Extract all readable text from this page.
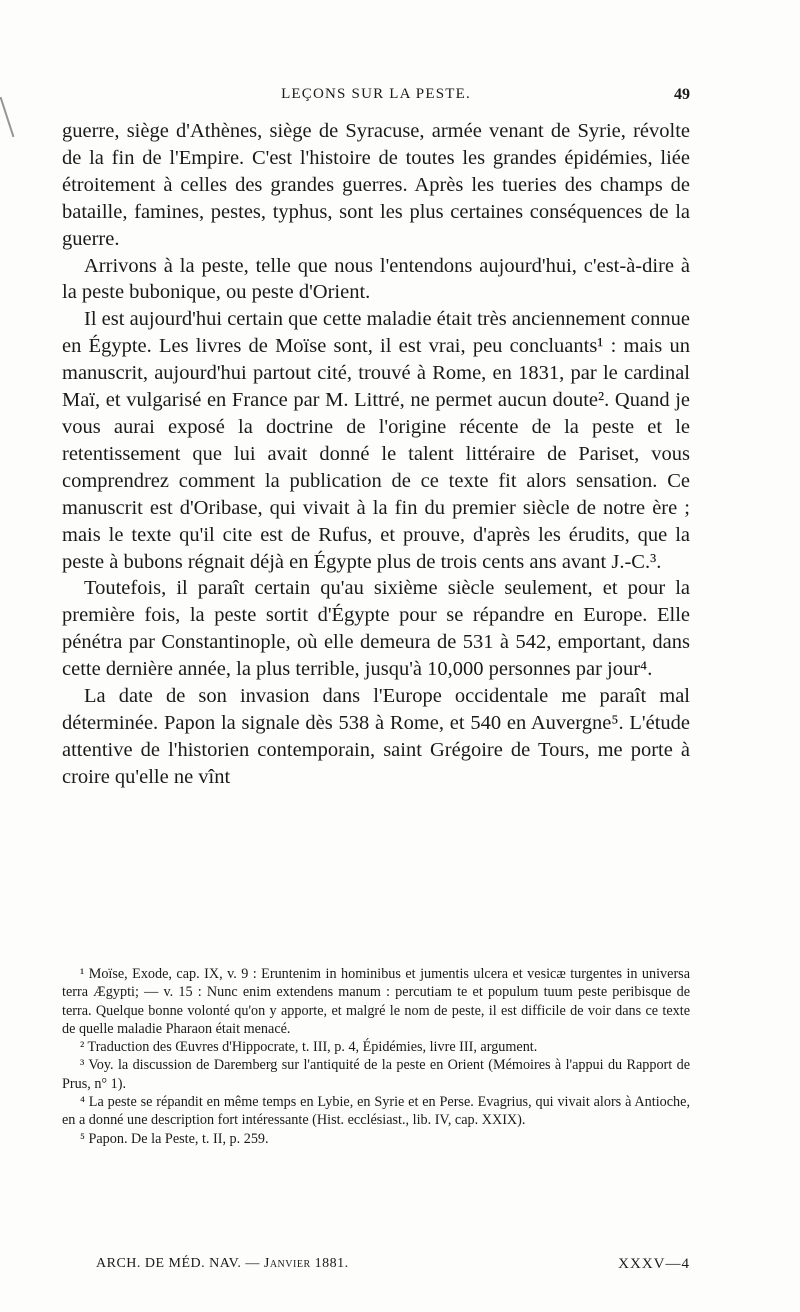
LEÇONS SUR LA PESTE.	49

guerre, siège d'Athènes, siège de Syracuse, armée venant de Syrie, révolte de la fin de l'Empire. C'est l'histoire de toutes les grandes épidémies, liée étroitement à celles des grandes guerres. Après les tueries des champs de bataille, famines, pestes, typhus, sont les plus certaines conséquences de la guerre.

Arrivons à la peste, telle que nous l'entendons aujourd'hui, c'est-à-dire à la peste bubonique, ou peste d'Orient.

Il est aujourd'hui certain que cette maladie était très anciennement connue en Égypte. Les livres de Moïse sont, il est vrai, peu concluants¹ : mais un manuscrit, aujourd'hui partout cité, trouvé à Rome, en 1831, par le cardinal Maï, et vulgarisé en France par M. Littré, ne permet aucun doute². Quand je vous aurai exposé la doctrine de l'origine récente de la peste et le retentissement que lui avait donné le talent littéraire de Pariset, vous comprendrez comment la publication de ce texte fit alors sensation. Ce manuscrit est d'Oribase, qui vivait à la fin du premier siècle de notre ère ; mais le texte qu'il cite est de Rufus, et prouve, d'après les érudits, que la peste à bubons régnait déjà en Égypte plus de trois cents ans avant J.-C.³.

Toutefois, il paraît certain qu'au sixième siècle seulement, et pour la première fois, la peste sortit d'Égypte pour se répandre en Europe. Elle pénétra par Constantinople, où elle demeura de 531 à 542, emportant, dans cette dernière année, la plus terrible, jusqu'à 10,000 personnes par jour⁴.

La date de son invasion dans l'Europe occidentale me paraît mal déterminée. Papon la signale dès 538 à Rome, et 540 en Auvergne⁵. L'étude attentive de l'historien contemporain, saint Grégoire de Tours, me porte à croire qu'elle ne vînt

¹ Moïse, Exode, cap. IX, v. 9 : Eruntenim in hominibus et jumentis ulcera et vesicæ turgentes in universa terra Ægypti; — v. 15 : Nunc enim extendens manum : percutiam te et populum tuum peste peribisque de terra. Quelque bonne volonté qu'on y apporte, et malgré le nom de peste, il est difficile de voir dans ce texte de quelle maladie Pharaon était menacé.

² Traduction des Œuvres d'Hippocrate, t. III, p. 4, Épidémies, livre III, argument.

³ Voy. la discussion de Daremberg sur l'antiquité de la peste en Orient (Mémoires à l'appui du Rapport de Prus, n° 1).

⁴ La peste se répandit en même temps en Lybie, en Syrie et en Perse. Evagrius, qui vivait alors à Antioche, en a donné une description fort intéressante (Hist. ecclésiast., lib. IV, cap. XXIX).

⁵ Papon. De la Peste, t. II, p. 259.

ARCH. DE MÉD. NAV. — Janvier 1881.	XXXV—4
